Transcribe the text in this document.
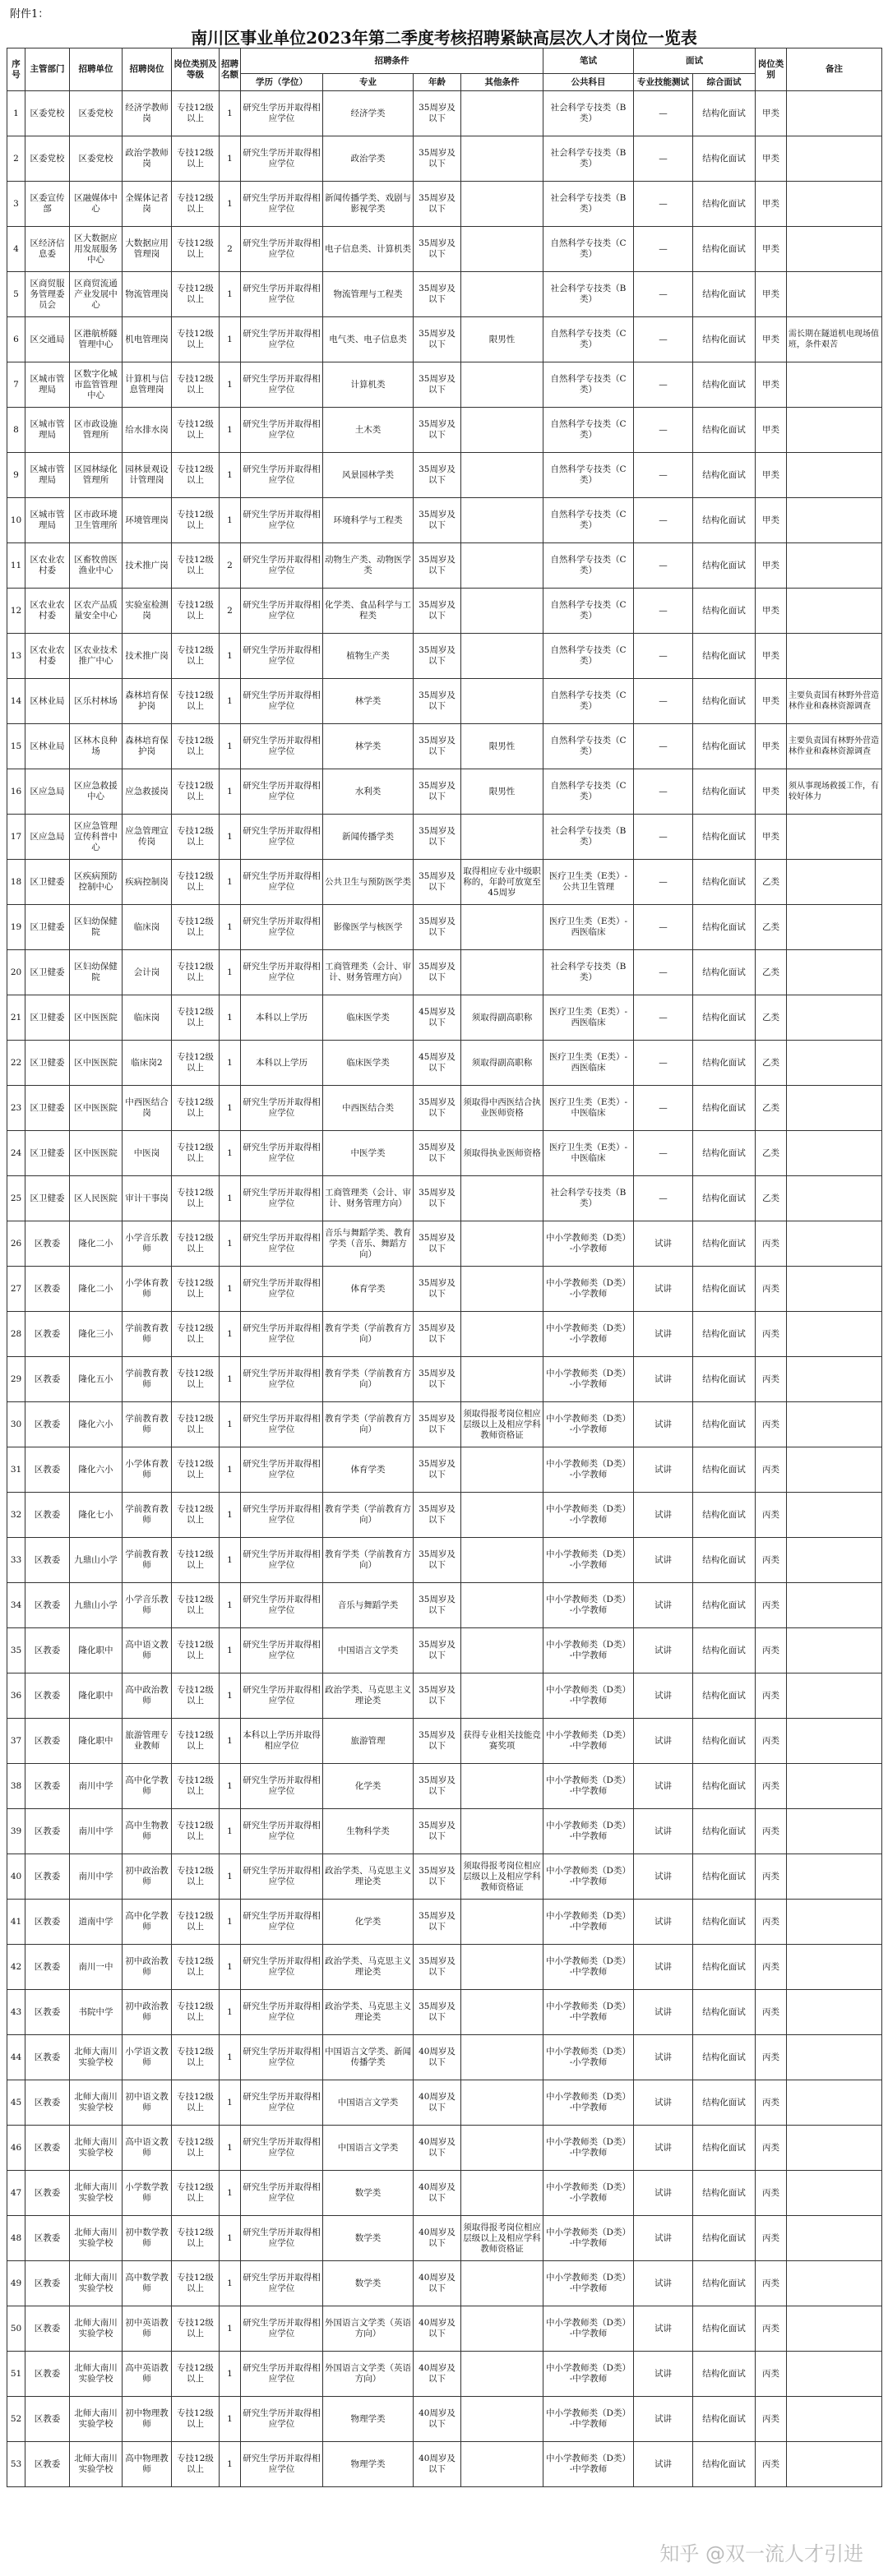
附件1：
南川区事业单位2023年第二季度考核招聘紧缺高层次人才岗位一览表
序号	主管部门	招聘单位	招聘岗位	岗位类别及等级	招聘名额	招聘条件				笔试	面试		岗位类别	备注
						学历（学位）	专业	年龄	其他条件	公共科目	专业技能测试	综合面试		
1	区委党校	区委党校	经济学教师岗	专技12级以上	1	研究生学历并取得相应学位	经济学类	35周岁及以下		社会科学专技类（B类）	—	结构化面试	甲类	
2	区委党校	区委党校	政治学教师岗	专技12级以上	1	研究生学历并取得相应学位	政治学类	35周岁及以下		社会科学专技类（B类）	—	结构化面试	甲类	
3	区委宣传部	区融媒体中心	全媒体记者岗	专技12级以上	1	研究生学历并取得相应学位	新闻传播学类、戏剧与影视学类	35周岁及以下		社会科学专技类（B类）	—	结构化面试	甲类	
4	区经济信息委	区大数据应用发展服务中心	大数据应用管理岗	专技12级以上	2	研究生学历并取得相应学位	电子信息类、计算机类	35周岁及以下		自然科学专技类（C类）	—	结构化面试	甲类	
5	区商贸服务管理委员会	区商贸流通产业发展中心	物流管理岗	专技12级以上	1	研究生学历并取得相应学位	物流管理与工程类	35周岁及以下		社会科学专技类（B类）	—	结构化面试	甲类	
6	区交通局	区港航桥隧管理中心	机电管理岗	专技12级以上	1	研究生学历并取得相应学位	电气类、电子信息类	35周岁及以下	限男性	自然科学专技类（C类）	—	结构化面试	甲类	需长期在隧道机电现场值班，条件艰苦
7	区城市管理局	区数字化城市监管管理中心	计算机与信息管理岗	专技12级以上	1	研究生学历并取得相应学位	计算机类	35周岁及以下		自然科学专技类（C类）	—	结构化面试	甲类	
8	区城市管理局	区市政设施管理所	给水排水岗	专技12级以上	1	研究生学历并取得相应学位	土木类	35周岁及以下		自然科学专技类（C类）	—	结构化面试	甲类	
9	区城市管理局	区园林绿化管理所	园林景观设计管理岗	专技12级以上	1	研究生学历并取得相应学位	风景园林学类	35周岁及以下		自然科学专技类（C类）	—	结构化面试	甲类	
10	区城市管理局	区市政环境卫生管理所	环境管理岗	专技12级以上	1	研究生学历并取得相应学位	环境科学与工程类	35周岁及以下		自然科学专技类（C类）	—	结构化面试	甲类	
11	区农业农村委	区畜牧兽医渔业中心	技术推广岗	专技12级以上	2	研究生学历并取得相应学位	动物生产类、动物医学类	35周岁及以下		自然科学专技类（C类）	—	结构化面试	甲类	
12	区农业农村委	区农产品质量安全中心	实验室检测岗	专技12级以上	2	研究生学历并取得相应学位	化学类、食品科学与工程类	35周岁及以下		自然科学专技类（C类）	—	结构化面试	甲类	
13	区农业农村委	区农业技术推广中心	技术推广岗	专技12级以上	1	研究生学历并取得相应学位	植物生产类	35周岁及以下		自然科学专技类（C类）	—	结构化面试	甲类	
14	区林业局	区乐村林场	森林培育保护岗	专技12级以上	1	研究生学历并取得相应学位	林学类	35周岁及以下		自然科学专技类（C类）	—	结构化面试	甲类	主要负责国有林野外营造林作业和森林资源调查
15	区林业局	区林木良种场	森林培育保护岗	专技12级以上	1	研究生学历并取得相应学位	林学类	35周岁及以下	限男性	自然科学专技类（C类）	—	结构化面试	甲类	主要负责国有林野外营造林作业和森林资源调查
16	区应急局	区应急救援中心	应急救援岗	专技12级以上	1	研究生学历并取得相应学位	水利类	35周岁及以下	限男性	自然科学专技类（C类）	—	结构化面试	甲类	须从事现场救援工作，有较好体力
17	区应急局	区应急管理宣传科普中心	应急管理宣传岗	专技12级以上	1	研究生学历并取得相应学位	新闻传播学类	35周岁及以下		社会科学专技类（B类）	—	结构化面试	甲类	
18	区卫健委	区疾病预防控制中心	疾病控制岗	专技12级以上	1	研究生学历并取得相应学位	公共卫生与预防医学类	35周岁及以下	取得相应专业中级职称的，年龄可放宽至45周岁	医疗卫生类（E类）-公共卫生管理	—	结构化面试	乙类	
19	区卫健委	区妇幼保健院	临床岗	专技12级以上	1	研究生学历并取得相应学位	影像医学与核医学	35周岁及以下		医疗卫生类（E类）-西医临床	—	结构化面试	乙类	
20	区卫健委	区妇幼保健院	会计岗	专技12级以上	1	研究生学历并取得相应学位	工商管理类（会计、审计、财务管理方向）	35周岁及以下		社会科学专技类（B类）	—	结构化面试	乙类	
21	区卫健委	区中医医院	临床岗	专技12级以上	1	本科以上学历	临床医学类	45周岁及以下	须取得副高职称	医疗卫生类（E类）-西医临床	—	结构化面试	乙类	
22	区卫健委	区中医医院	临床岗2	专技12级以上	1	本科以上学历	临床医学类	45周岁及以下	须取得副高职称	医疗卫生类（E类）-西医临床	—	结构化面试	乙类	
23	区卫健委	区中医医院	中西医结合岗	专技12级以上	1	研究生学历并取得相应学位	中西医结合类	35周岁及以下	须取得中西医结合执业医师资格	医疗卫生类（E类）-中医临床	—	结构化面试	乙类	
24	区卫健委	区中医医院	中医岗	专技12级以上	1	研究生学历并取得相应学位	中医学类	35周岁及以下	须取得执业医师资格	医疗卫生类（E类）-中医临床	—	结构化面试	乙类	
25	区卫健委	区人民医院	审计干事岗	专技12级以上	1	研究生学历并取得相应学位	工商管理类（会计、审计、财务管理方向）	35周岁及以下		社会科学专技类（B类）	—	结构化面试	乙类	
26	区教委	隆化二小	小学音乐教师	专技12级以上	1	研究生学历并取得相应学位	音乐与舞蹈学类、教育学类（音乐、舞蹈方向）	35周岁及以下		中小学教师类（D类）-小学教师	试讲	结构化面试	丙类	
27	区教委	隆化二小	小学体育教师	专技12级以上	1	研究生学历并取得相应学位	体育学类	35周岁及以下		中小学教师类（D类）-小学教师	试讲	结构化面试	丙类	
28	区教委	隆化三小	学前教育教师	专技12级以上	1	研究生学历并取得相应学位	教育学类（学前教育方向）	35周岁及以下		中小学教师类（D类）-小学教师	试讲	结构化面试	丙类	
29	区教委	隆化五小	学前教育教师	专技12级以上	1	研究生学历并取得相应学位	教育学类（学前教育方向）	35周岁及以下		中小学教师类（D类）-小学教师	试讲	结构化面试	丙类	
30	区教委	隆化六小	学前教育教师	专技12级以上	1	研究生学历并取得相应学位	教育学类（学前教育方向）	35周岁及以下	须取得报考岗位相应层级以上及相应学科教师资格证	中小学教师类（D类）-小学教师	试讲	结构化面试	丙类	
31	区教委	隆化六小	小学体育教师	专技12级以上	1	研究生学历并取得相应学位	体育学类	35周岁及以下		中小学教师类（D类）-小学教师	试讲	结构化面试	丙类	
32	区教委	隆化七小	学前教育教师	专技12级以上	1	研究生学历并取得相应学位	教育学类（学前教育方向）	35周岁及以下		中小学教师类（D类）-小学教师	试讲	结构化面试	丙类	
33	区教委	九鼎山小学	学前教育教师	专技12级以上	1	研究生学历并取得相应学位	教育学类（学前教育方向）	35周岁及以下		中小学教师类（D类）-小学教师	试讲	结构化面试	丙类	
34	区教委	九鼎山小学	小学音乐教师	专技12级以上	1	研究生学历并取得相应学位	音乐与舞蹈学类	35周岁及以下		中小学教师类（D类）-小学教师	试讲	结构化面试	丙类	
35	区教委	隆化职中	高中语文教师	专技12级以上	1	研究生学历并取得相应学位	中国语言文学类	35周岁及以下		中小学教师类（D类）-中学教师	试讲	结构化面试	丙类	
36	区教委	隆化职中	高中政治教师	专技12级以上	1	研究生学历并取得相应学位	政治学类、马克思主义理论类	35周岁及以下		中小学教师类（D类）-中学教师	试讲	结构化面试	丙类	
37	区教委	隆化职中	旅游管理专业教师	专技12级以上	1	本科以上学历并取得相应学位	旅游管理	35周岁及以下	获得专业相关技能竞赛奖项	中小学教师类（D类）-中学教师	试讲	结构化面试	丙类	
38	区教委	南川中学	高中化学教师	专技12级以上	1	研究生学历并取得相应学位	化学类	35周岁及以下		中小学教师类（D类）-中学教师	试讲	结构化面试	丙类	
39	区教委	南川中学	高中生物教师	专技12级以上	1	研究生学历并取得相应学位	生物科学类	35周岁及以下		中小学教师类（D类）-中学教师	试讲	结构化面试	丙类	
40	区教委	南川中学	初中政治教师	专技12级以上	1	研究生学历并取得相应学位	政治学类、马克思主义理论类	35周岁及以下	须取得报考岗位相应层级以上及相应学科教师资格证	中小学教师类（D类）-中学教师	试讲	结构化面试	丙类	
41	区教委	道南中学	高中化学教师	专技12级以上	1	研究生学历并取得相应学位	化学类	35周岁及以下		中小学教师类（D类）-中学教师	试讲	结构化面试	丙类	
42	区教委	南川一中	初中政治教师	专技12级以上	1	研究生学历并取得相应学位	政治学类、马克思主义理论类	35周岁及以下		中小学教师类（D类）-中学教师	试讲	结构化面试	丙类	
43	区教委	书院中学	初中政治教师	专技12级以上	1	研究生学历并取得相应学位	政治学类、马克思主义理论类	35周岁及以下		中小学教师类（D类）-中学教师	试讲	结构化面试	丙类	
44	区教委	北师大南川实验学校	小学语文教师	专技12级以上	1	研究生学历并取得相应学位	中国语言文学类、新闻传播学类	40周岁及以下		中小学教师类（D类）-小学教师	试讲	结构化面试	丙类	
45	区教委	北师大南川实验学校	初中语文教师	专技12级以上	1	研究生学历并取得相应学位	中国语言文学类	40周岁及以下		中小学教师类（D类）-中学教师	试讲	结构化面试	丙类	
46	区教委	北师大南川实验学校	高中语文教师	专技12级以上	1	研究生学历并取得相应学位	中国语言文学类	40周岁及以下		中小学教师类（D类）-中学教师	试讲	结构化面试	丙类	
47	区教委	北师大南川实验学校	小学数学教师	专技12级以上	1	研究生学历并取得相应学位	数学类	40周岁及以下		中小学教师类（D类）-小学教师	试讲	结构化面试	丙类	
48	区教委	北师大南川实验学校	初中数学教师	专技12级以上	1	研究生学历并取得相应学位	数学类	40周岁及以下	须取得报考岗位相应层级以上及相应学科教师资格证	中小学教师类（D类）-中学教师	试讲	结构化面试	丙类	
49	区教委	北师大南川实验学校	高中数学教师	专技12级以上	1	研究生学历并取得相应学位	数学类	40周岁及以下		中小学教师类（D类）-中学教师	试讲	结构化面试	丙类	
50	区教委	北师大南川实验学校	初中英语教师	专技12级以上	1	研究生学历并取得相应学位	外国语言文学类（英语方向）	40周岁及以下		中小学教师类（D类）-中学教师	试讲	结构化面试	丙类	
51	区教委	北师大南川实验学校	高中英语教师	专技12级以上	1	研究生学历并取得相应学位	外国语言文学类（英语方向）	40周岁及以下		中小学教师类（D类）-中学教师	试讲	结构化面试	丙类	
52	区教委	北师大南川实验学校	初中物理教师	专技12级以上	1	研究生学历并取得相应学位	物理学类	40周岁及以下		中小学教师类（D类）-中学教师	试讲	结构化面试	丙类	
53	区教委	北师大南川实验学校	高中物理教师	专技12级以上	1	研究生学历并取得相应学位	物理学类	40周岁及以下		中小学教师类（D类）-中学教师	试讲	结构化面试	丙类	
知乎 @双一流人才引进
